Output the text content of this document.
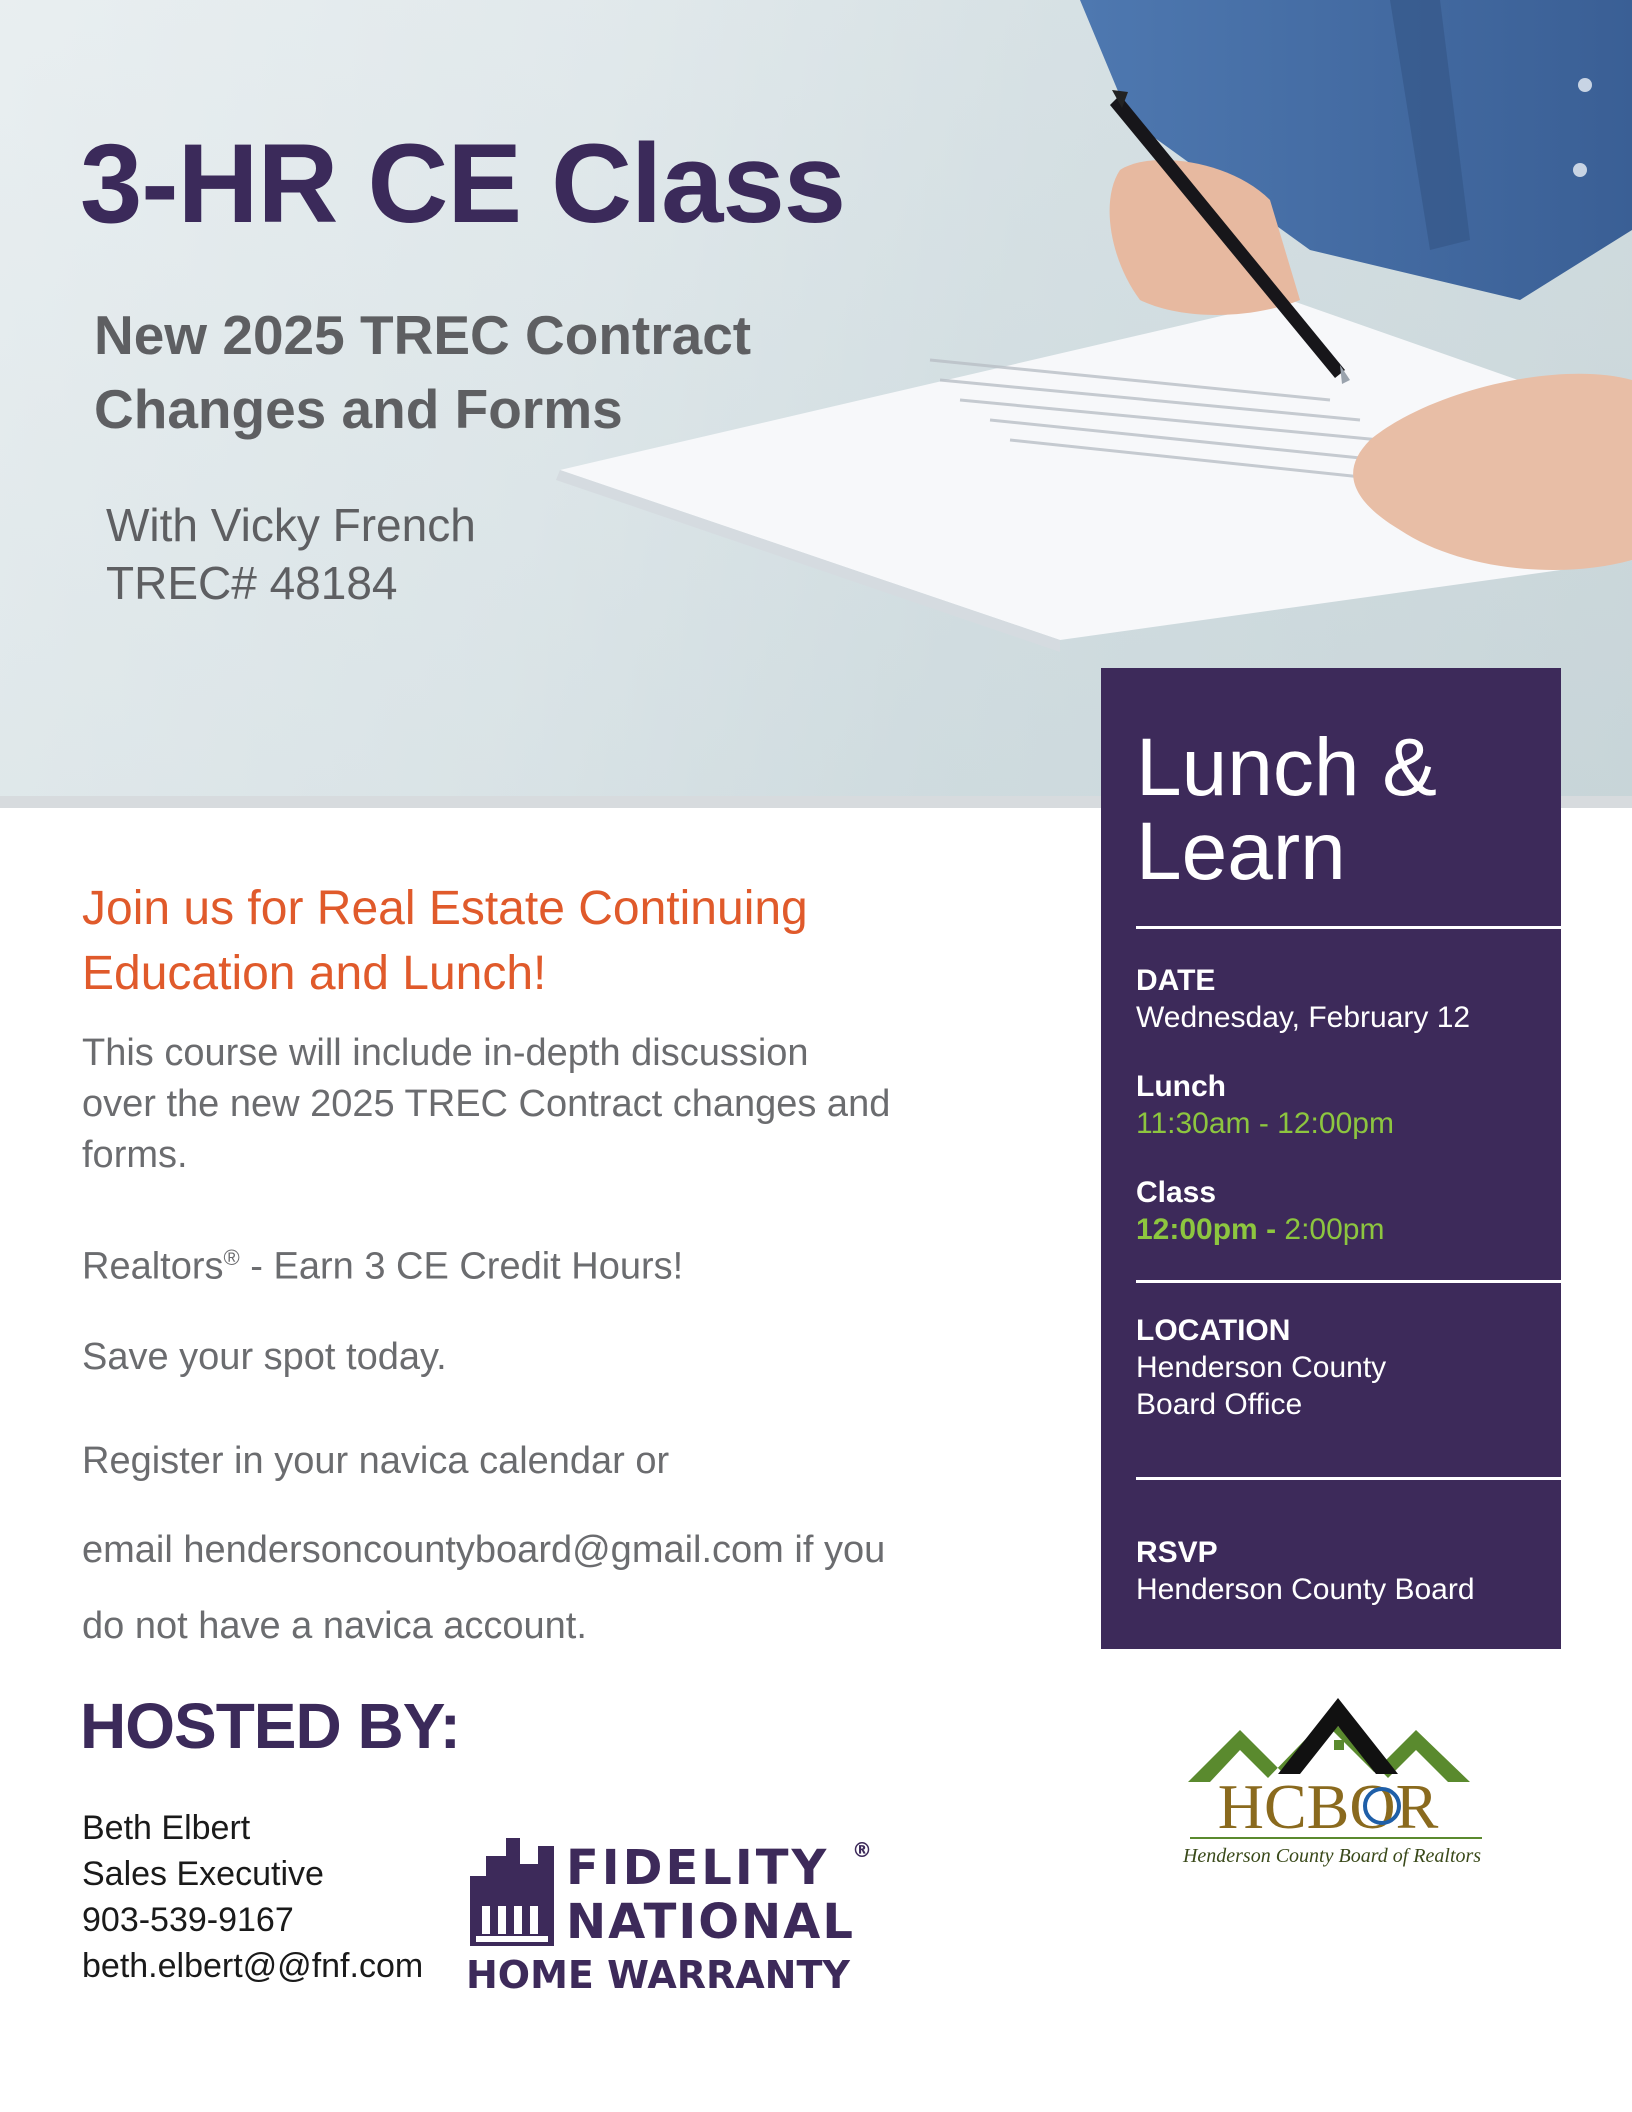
3-HR CE Class
New 2025 TREC Contract
Changes and Forms
With Vicky French
TREC# 48184
Lunch &
Learn
DATE
Wednesday, February 12
Lunch
11:30am - 12:00pm
Class
12:00pm - 2:00pm
LOCATION
Henderson County
Board Office
RSVP
Henderson County Board
Join us for Real Estate Continuing
Education and Lunch!
This course will include in-depth discussion
over the new 2025 TREC Contract changes and
forms.
Realtors® - Earn 3 CE Credit Hours!
Save your spot today.
Register in your navica calendar or
email hendersoncountyboard@gmail.com if you
do not have a navica account.
HOSTED BY:
Beth Elbert
Sales Executive
903-539-9167
beth.elbert@@fnf.com
FIDELITY ®
NATIONAL
HOME WARRANTY
HCBOR
Henderson County Board of Realtors
